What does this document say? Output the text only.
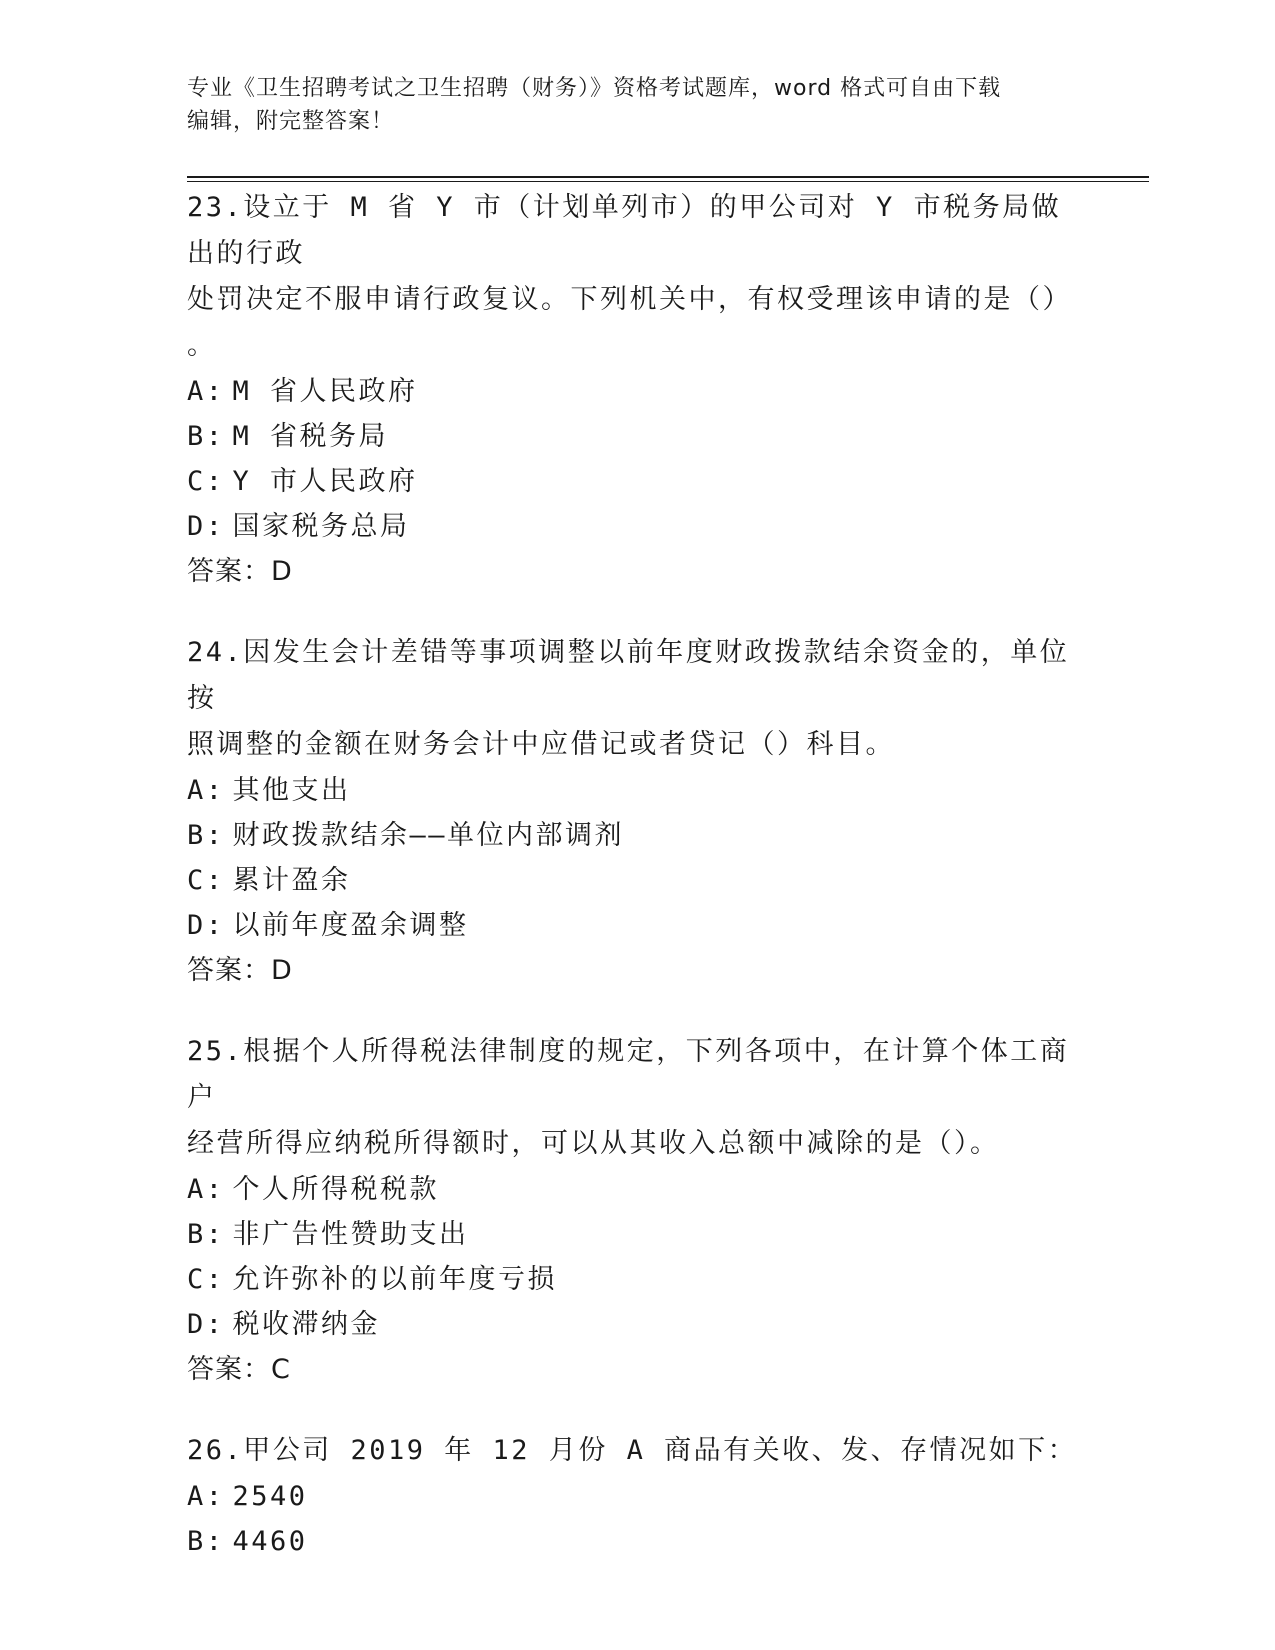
专业《卫生招聘考试之卫生招聘（财务）》资格考试题库，word 格式可自由下载
编辑，附完整答案！
23.设立于 M 省 Y 市（计划单列市）的甲公司对 Y 市税务局做出的行政
处罚决定不服申请行政复议。下列机关中，有权受理该申请的是（）
。
A: M 省人民政府
B: M 省税务局
C: Y 市人民政府
D: 国家税务总局
答案：D
24.因发生会计差错等事项调整以前年度财政拨款结余资金的，单位按
照调整的金额在财务会计中应借记或者贷记（）科目。
A: 其他支出
B: 财政拨款结余——单位内部调剂
C: 累计盈余
D: 以前年度盈余调整
答案：D
25.根据个人所得税法律制度的规定，下列各项中，在计算个体工商户
经营所得应纳税所得额时，可以从其收入总额中减除的是（）。
A: 个人所得税税款
B: 非广告性赞助支出
C: 允许弥补的以前年度亏损
D: 税收滞纳金
答案：C
26.甲公司 2019 年 12 月份 A 商品有关收、发、存情况如下：
A: 2540
B: 4460
